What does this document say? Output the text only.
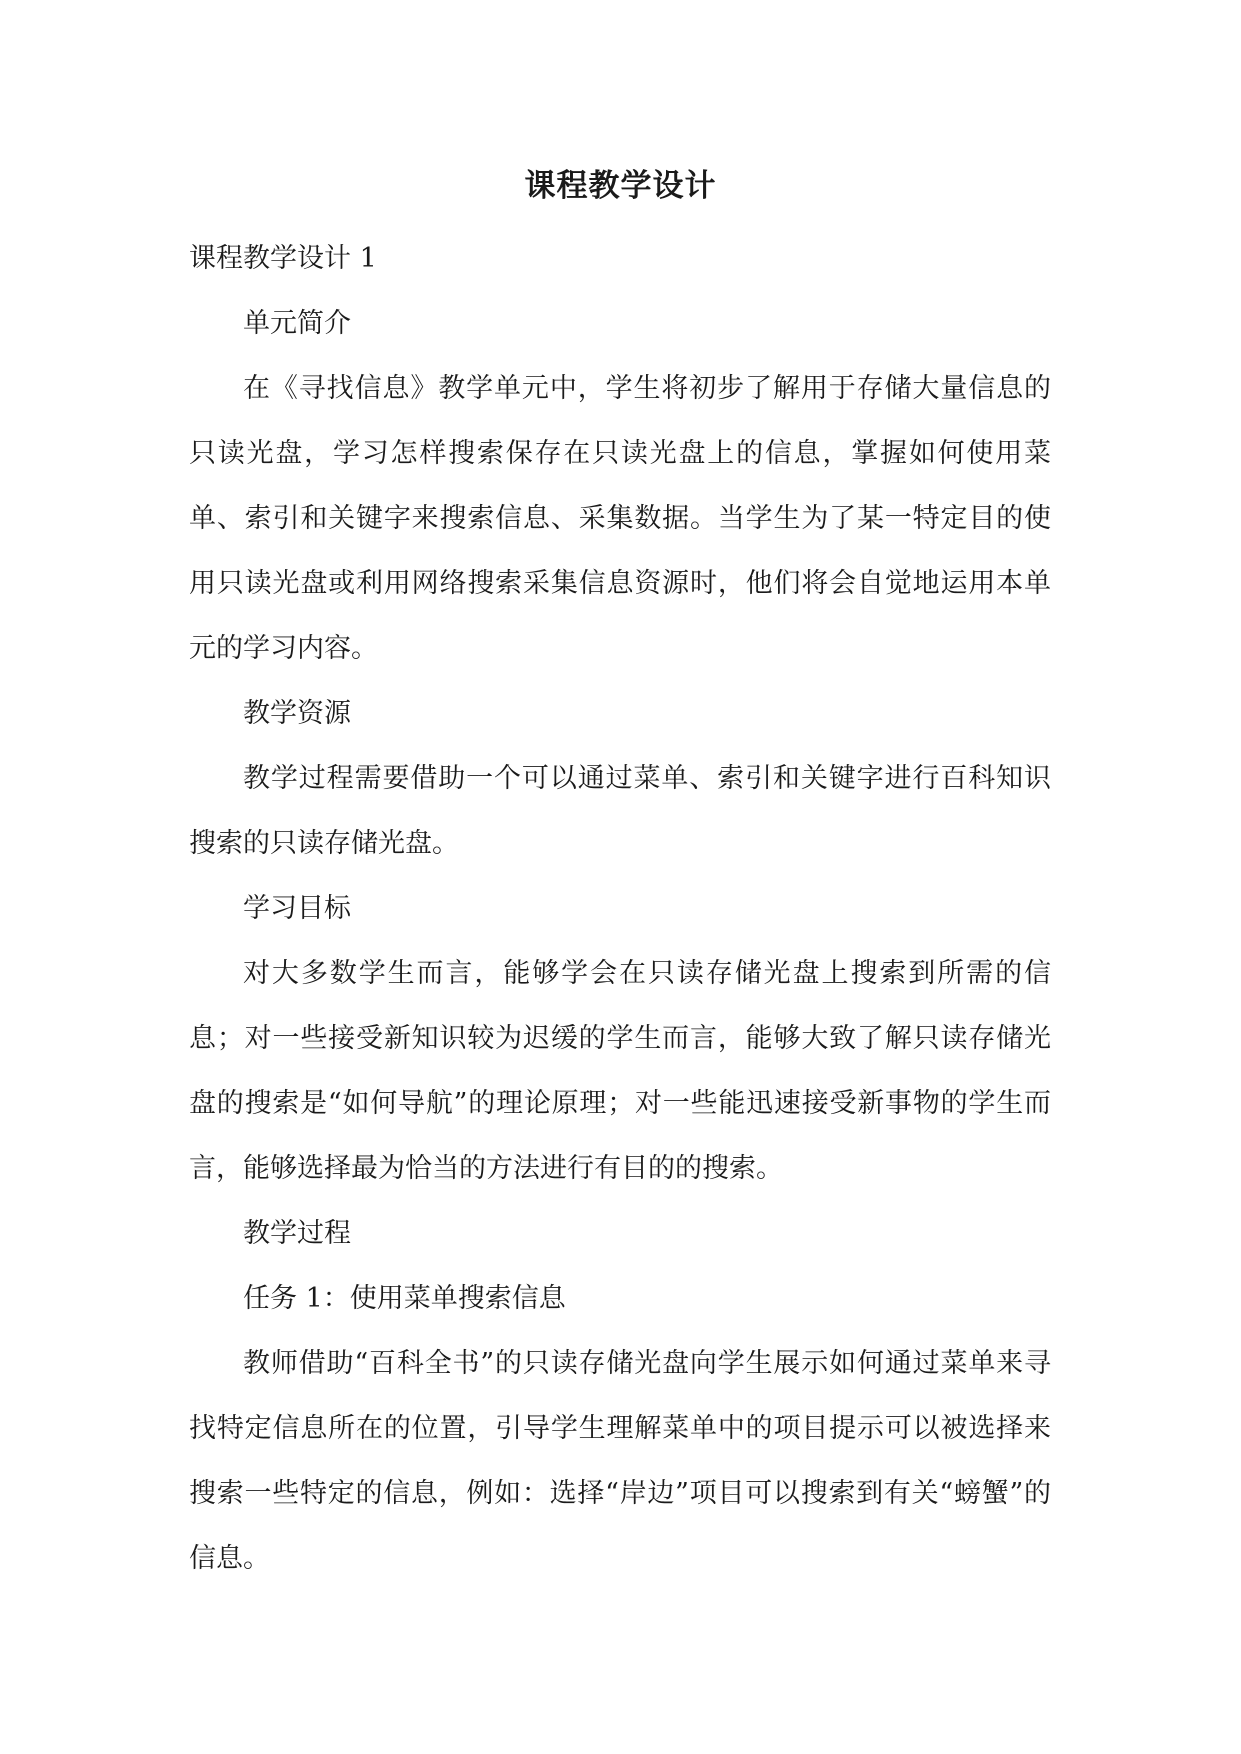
课程教学设计

课程教学设计 1

单元简介

在《寻找信息》教学单元中，学生将初步了解用于存储大量信息的只读光盘，学习怎样搜索保存在只读光盘上的信息，掌握如何使用菜单、索引和关键字来搜索信息、采集数据。当学生为了某一特定目的使用只读光盘或利用网络搜索采集信息资源时，他们将会自觉地运用本单元的学习内容。

教学资源

教学过程需要借助一个可以通过菜单、索引和关键字进行百科知识搜索的只读存储光盘。

学习目标

对大多数学生而言，能够学会在只读存储光盘上搜索到所需的信息；对一些接受新知识较为迟缓的学生而言，能够大致了解只读存储光盘的搜索是“如何导航”的理论原理；对一些能迅速接受新事物的学生而言，能够选择最为恰当的方法进行有目的的搜索。

教学过程

任务 1：使用菜单搜索信息

教师借助“百科全书”的只读存储光盘向学生展示如何通过菜单来寻找特定信息所在的位置，引导学生理解菜单中的项目提示可以被选择来搜索一些特定的信息，例如：选择“岸边”项目可以搜索到有关“螃蟹”的信息。
